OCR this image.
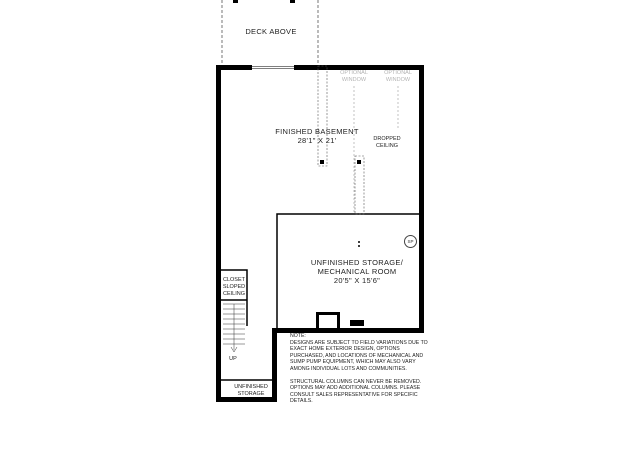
DECK ABOVE
OPTIONAL WINDOW
OPTIONAL WINDOW
FINISHED BASEMENT
28'1" X 21'	DROPPED CEILING
UNFINISHED STORAGE/ MECHANICAL ROOM
20'5" X 15'6"
SP
CLOSET SLOPED CEILING
UP
UNFINISHED STORAGE
NOTE:

DESIGNS ARE SUBJECT TO FIELD VARIATIONS DUE TO EXACT HOME EXTERIOR DESIGN, OPTIONS PURCHASED, AND LOCATIONS OF MECHANICAL AND SUMP PUMP EQUIPMENT, WHICH MAY ALSO VARY AMONG INDIVIDUAL LOTS AND COMMUNITIES.

STRUCTURAL COLUMNS CAN NEVER BE REMOVED. OPTIONS MAY ADD ADDITIONAL COLUMNS. PLEASE CONSULT SALES REPRESENTATIVE FOR SPECIFIC DETAILS.
